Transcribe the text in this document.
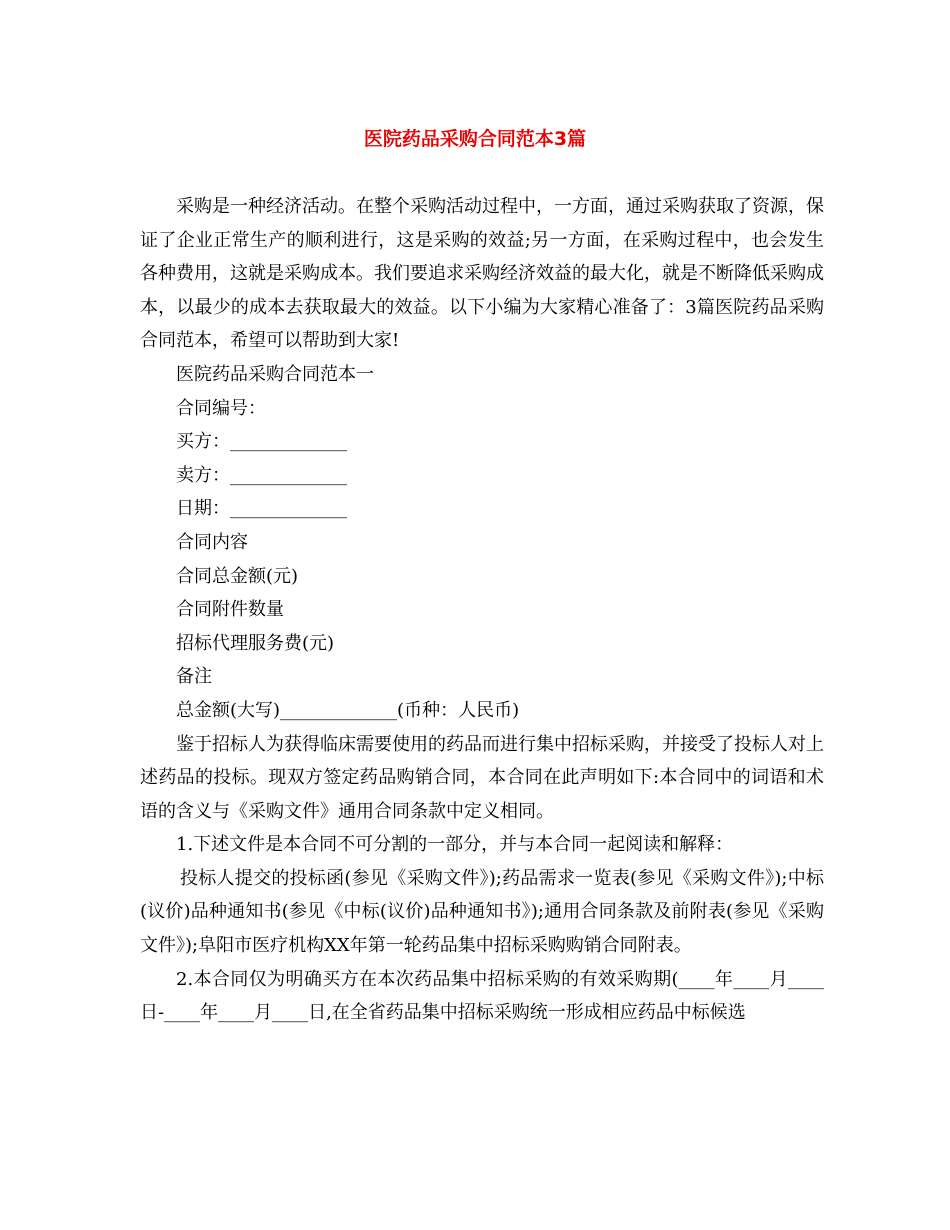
医院药品采购合同范本3篇

采购是一种经济活动。在整个采购活动过程中，一方面，通过采购获取了资源，保证了企业正常生产的顺利进行，这是采购的效益;另一方面，在采购过程中，也会发生各种费用，这就是采购成本。我们要追求采购经济效益的最大化，就是不断降低采购成本，以最少的成本去获取最大的效益。以下小编为大家精心准备了：3篇医院药品采购合同范本，希望可以帮助到大家!

医院药品采购合同范本一

合同编号：

买方：_____________

卖方：_____________

日期：_____________

合同内容

合同总金额(元)

合同附件数量

招标代理服务费(元)

备注

总金额(大写)_____________(币种：人民币)

鉴于招标人为获得临床需要使用的药品而进行集中招标采购，并接受了投标人对上述药品的投标。现双方签定药品购销合同，本合同在此声明如下:本合同中的词语和术语的含义与《采购文件》通用合同条款中定义相同。

1.下述文件是本合同不可分割的一部分，并与本合同一起阅读和解释：

投标人提交的投标函(参见《采购文件》);药品需求一览表(参见《采购文件》);中标(议价)品种通知书(参见《中标(议价)品种通知书》);通用合同条款及前附表(参见《采购文件》);阜阳市医疗机构XX年第一轮药品集中招标采购购销合同附表。

2.本合同仅为明确买方在本次药品集中招标采购的有效采购期(____年____月____日-____年____月____日,在全省药品集中招标采购统一形成相应药品中标候选
